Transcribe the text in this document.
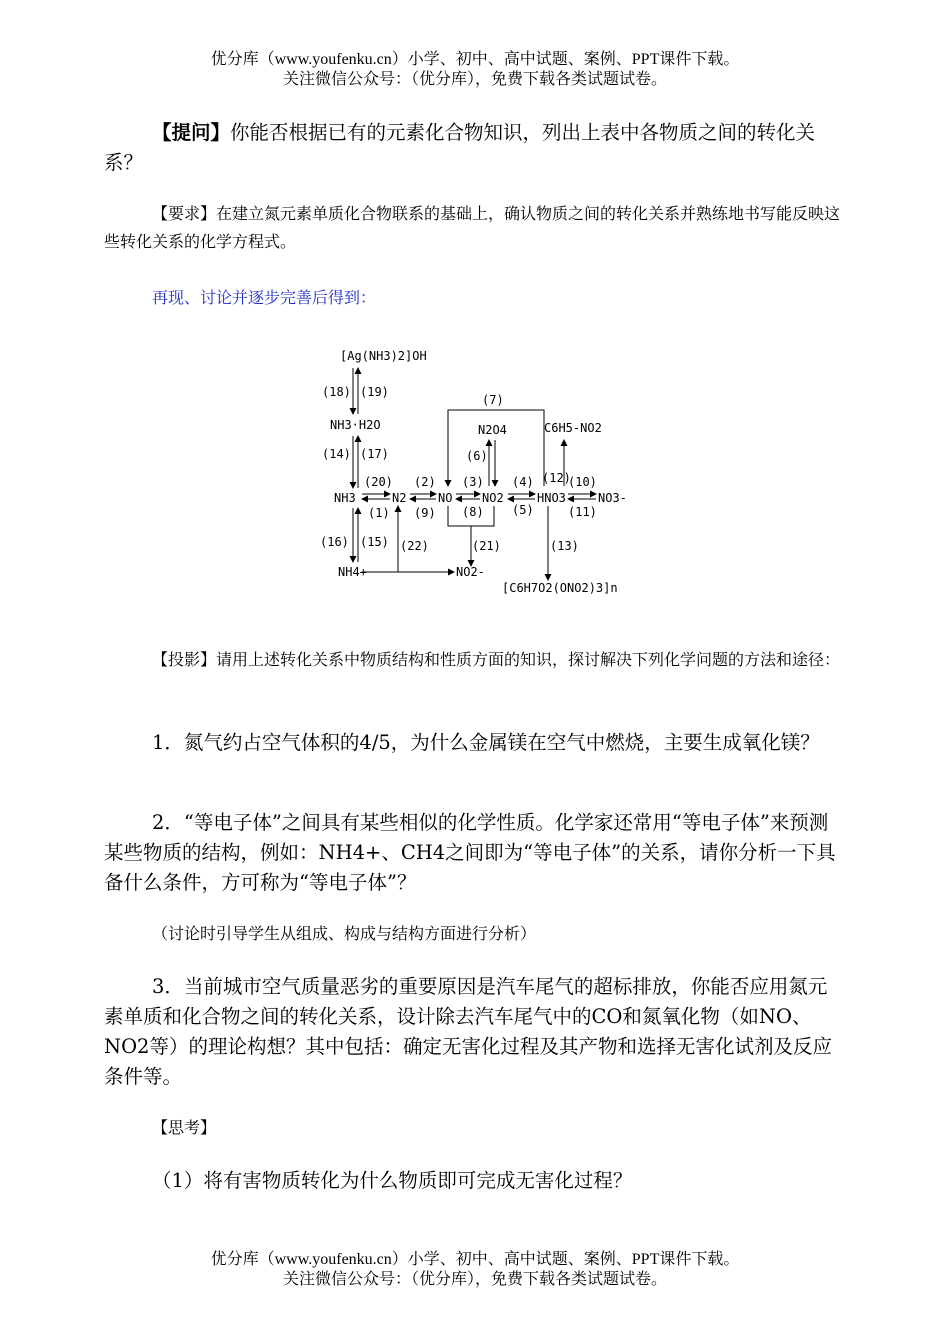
优分库（www.youfenku.cn）小学、初中、高中试题、案例、PPT课件下载。
关注微信公众号：（优分库），免费下载各类试题试卷。
【提问】你能否根据已有的元素化合物知识，列出上表中各物质之间的转化关系？
【要求】在建立氮元素单质化合物联系的基础上，确认物质之间的转化关系并熟练地书写能反映这些转化关系的化学方程式。
再现、讨论并逐步完善后得到：
[Ag(NH3)2]OH
NH3·H2O	N2O4	C6H5-NO2
NH3	N2	NO NO2	HNO3	NO3-
NH4+	NO2-
[C6H7O2(ONO2)3]n
(1)
(2) (3) (4)
(5)
(6)
(7)
(8)
(9)
(10)
(11)
(12)
(13)
(14)
(15)
(16)
(17)
(18) (19)
(20)
(21)
(22)
【投影】请用上述转化关系中物质结构和性质方面的知识，探讨解决下列化学问题的方法和途径：
1．氮气约占空气体积的4/5，为什么金属镁在空气中燃烧，主要生成氧化镁？
2．“等电子体”之间具有某些相似的化学性质。化学家还常用“等电子体”来预测某些物质的结构，例如：NH4+、CH4之间即为“等电子体”的关系，请你分析一下具备什么条件，方可称为“等电子体”？
（讨论时引导学生从组成、构成与结构方面进行分析）
3．当前城市空气质量恶劣的重要原因是汽车尾气的超标排放，你能否应用氮元素单质和化合物之间的转化关系，设计除去汽车尾气中的CO和氮氧化物（如NO、NO2等）的理论构想？其中包括：确定无害化过程及其产物和选择无害化试剂及反应条件等。
【思考】
（1）将有害物质转化为什么物质即可完成无害化过程？
优分库（www.youfenku.cn）小学、初中、高中试题、案例、PPT课件下载。
关注微信公众号：（优分库），免费下载各类试题试卷。
